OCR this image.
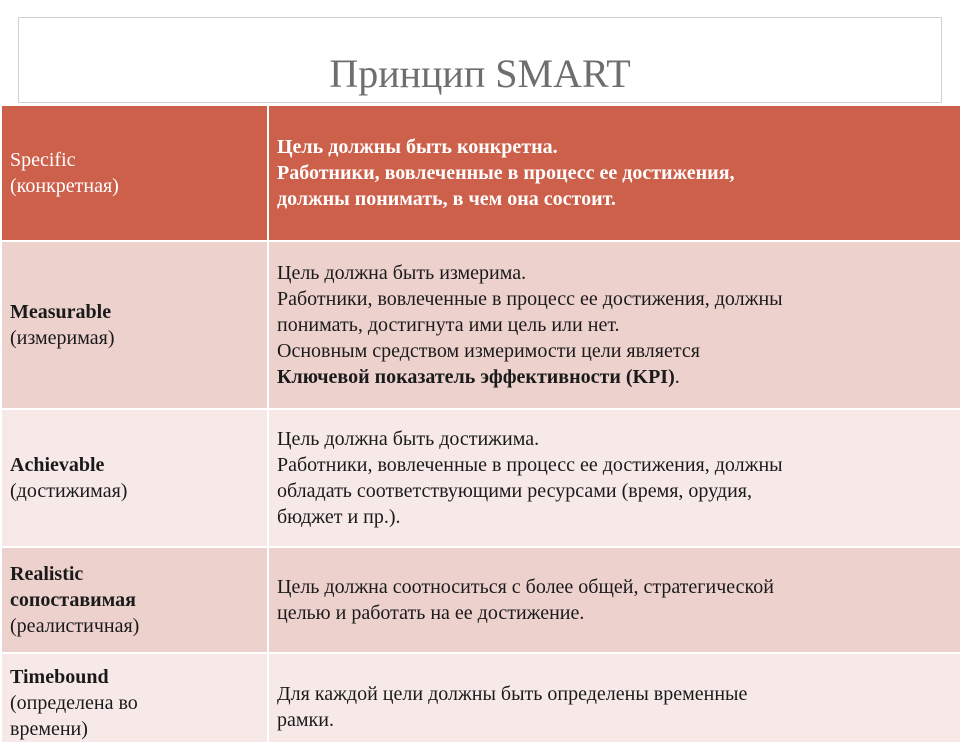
Принцип SMART
Specific
(конкретная)	Цель должны быть конкретна.
Работники, вовлеченные в процесс ее достижения,
должны понимать, в чем она состоит.

Measurable
(измеримая)	Цель должна быть измерима.
Работники, вовлеченные в процесс ее достижения, должны
понимать, достигнута ими цель или нет.
Основным средством измеримости цели является
Ключевой показатель эффективности (KPI).

Achievable
(достижимая)	Цель должна быть достижима.
Работники, вовлеченные в процесс ее достижения, должны
обладать соответствующими ресурсами (время, орудия,
бюджет и пр.).

Realistic
сопоставимая
(реалистичная)	Цель должна соотноситься с более общей, стратегической
целью и работать на ее достижение.

Timebound
(определена во
времени)	Для каждой цели должны быть определены временные
рамки.
